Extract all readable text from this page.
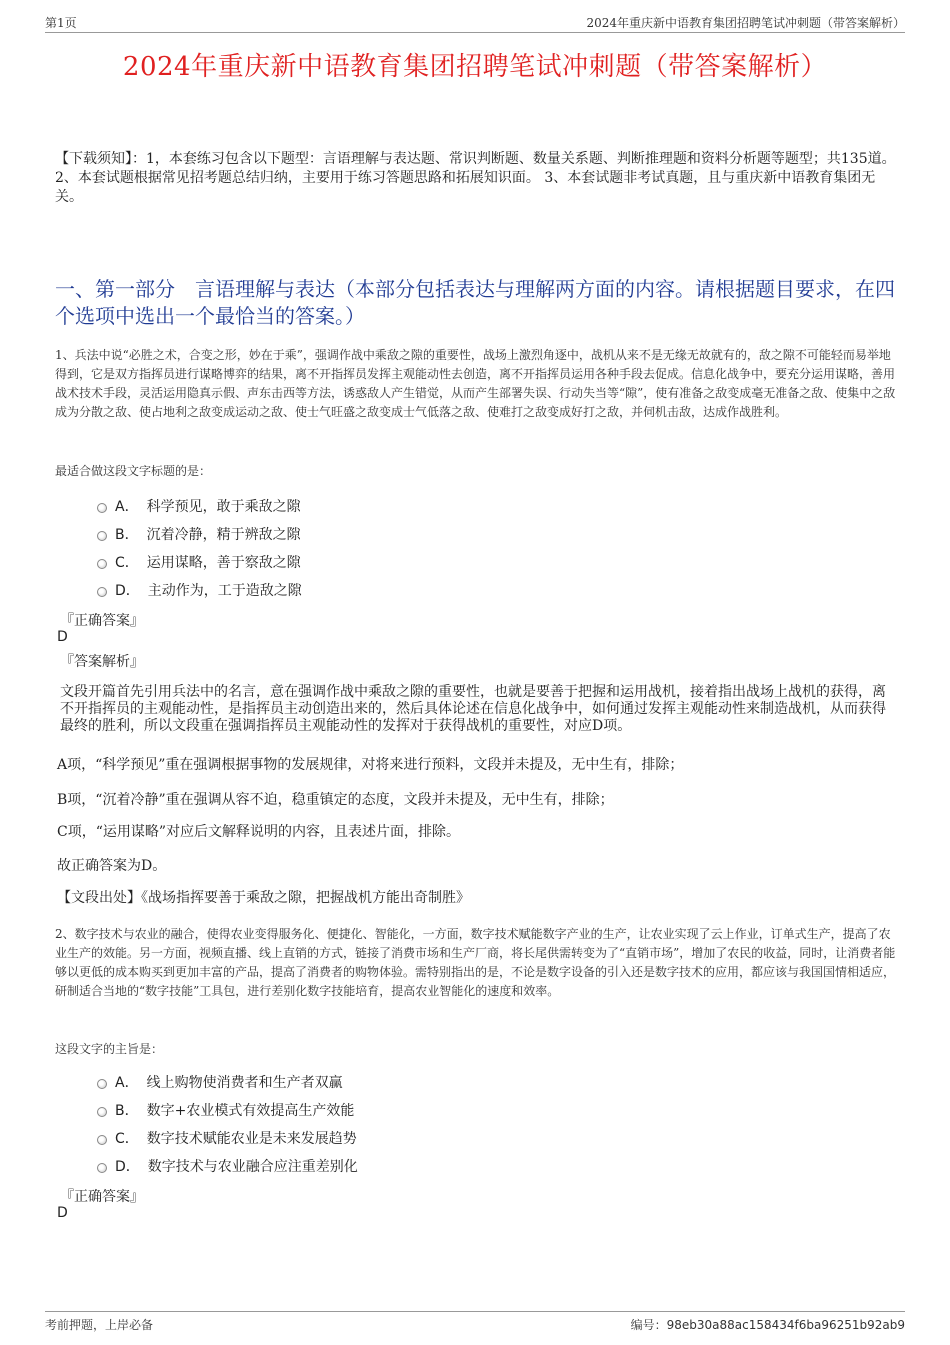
第1页	2024年重庆新中语教育集团招聘笔试冲刺题（带答案解析）
2024年重庆新中语教育集团招聘笔试冲刺题（带答案解析）
【下载须知】：1，本套练习包含以下题型：言语理解与表达题、常识判断题、数量关系题、判断推理题和资料分析题等题型；共135道。 2、本套试题根据常见招考题总结归纳，主要用于练习答题思路和拓展知识面。 3、本套试题非考试真题，且与重庆新中语教育集团无关。
一、第一部分　言语理解与表达（本部分包括表达与理解两方面的内容。请根据题目要求，在四个选项中选出一个最恰当的答案。）
1、兵法中说“必胜之术，合变之形，妙在于乘”，强调作战中乘敌之隙的重要性，战场上激烈角逐中，战机从来不是无缘无故就有的，敌之隙不可能轻而易举地得到，它是双方指挥员进行谋略博弈的结果，离不开指挥员发挥主观能动性去创造，离不开指挥员运用各种手段去促成。信息化战争中，要充分运用谋略，善用战术技术手段，灵活运用隐真示假、声东击西等方法，诱惑敌人产生错觉，从而产生部署失误、行动失当等“隙”，使有准备之敌变成毫无准备之敌、使集中之敌成为分散之敌、使占地利之敌变成运动之敌、使士气旺盛之敌变成士气低落之敌、使难打之敌变成好打之敌，并伺机击敌，达成作战胜利。
最适合做这段文字标题的是：
A． 科学预见，敢于乘敌之隙
B． 沉着冷静，精于辨敌之隙
C． 运用谋略，善于察敌之隙
D． 主动作为，工于造敌之隙
『正确答案』
D
『答案解析』
文段开篇首先引用兵法中的名言，意在强调作战中乘敌之隙的重要性，也就是要善于把握和运用战机，接着指出战场上战机的获得，离不开指挥员的主观能动性，是指挥员主动创造出来的，然后具体论述在信息化战争中，如何通过发挥主观能动性来制造战机，从而获得最终的胜利，所以文段重在强调指挥员主观能动性的发挥对于获得战机的重要性，对应D项。
A项，“科学预见”重在强调根据事物的发展规律，对将来进行预料，文段并未提及，无中生有，排除；
B项，“沉着冷静”重在强调从容不迫，稳重镇定的态度，文段并未提及，无中生有，排除；
C项，“运用谋略”对应后文解释说明的内容，且表述片面，排除。
故正确答案为D。
【文段出处】《战场指挥要善于乘敌之隙，把握战机方能出奇制胜》
2、数字技术与农业的融合，使得农业变得服务化、便捷化、智能化，一方面，数字技术赋能数字产业的生产，让农业实现了云上作业，订单式生产，提高了农业生产的效能。另一方面，视频直播、线上直销的方式，链接了消费市场和生产厂商，将长尾供需转变为了“直销市场”，增加了农民的收益，同时，让消费者能够以更低的成本购买到更加丰富的产品，提高了消费者的购物体验。需特别指出的是，不论是数字设备的引入还是数字技术的应用，都应该与我国国情相适应，研制适合当地的“数字技能”工具包，进行差别化数字技能培育，提高农业智能化的速度和效率。
这段文字的主旨是：
A． 线上购物使消费者和生产者双赢
B． 数字+农业模式有效提高生产效能
C． 数字技术赋能农业是未来发展趋势
D． 数字技术与农业融合应注重差别化
『正确答案』
D
考前押题，上岸必备	编号：98eb30a88ac158434f6ba96251b92ab9
